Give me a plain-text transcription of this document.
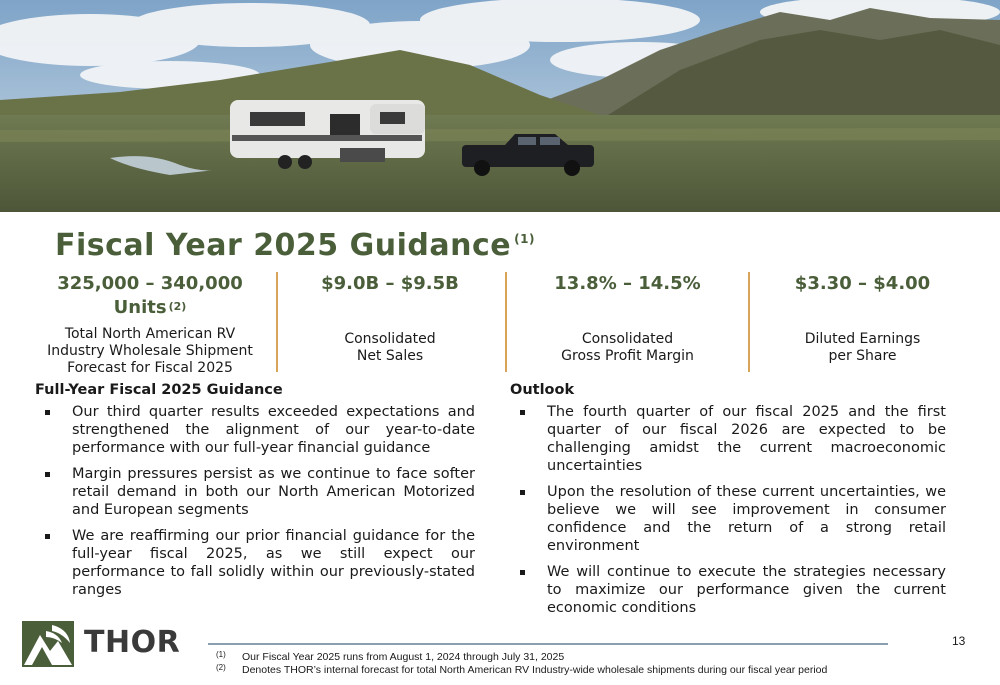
Fiscal Year 2025 Guidance $^{(1)}$
325,000 – 340,000
Units $^{(2)}$
Total North American RV Industry Wholesale Shipment Forecast for Fiscal 2025
$9.0B – $9.5B
Consolidated
Net Sales
13.8% – 14.5%
Consolidated
Gross Profit Margin
$3.30 – $4.00
Diluted Earnings
per Share
Full-Year Fiscal 2025 Guidance
Our third quarter results exceeded expectations and strengthened the alignment of our year-to-date performance with our full-year financial guidance
Margin pressures persist as we continue to face softer retail demand in both our North American Motorized and European segments
We are reaffirming our prior financial guidance for the full-year fiscal 2025, as we still expect our performance to fall solidly within our previously-stated ranges
Outlook
The fourth quarter of our fiscal 2025 and the first quarter of our fiscal 2026 are expected to be challenging amidst the current macroeconomic uncertainties
Upon the resolution of these current uncertainties, we believe we will see improvement in consumer confidence and the return of a strong retail environment
We will continue to execute the strategies necessary to maximize our performance given the current economic conditions
THOR	(1) Our Fiscal Year 2025 runs from August 1, 2024 through July 31, 2025
(2) Denotes THOR’s internal forecast for total North American RV Industry-wide wholesale shipments during our fiscal year period
13
